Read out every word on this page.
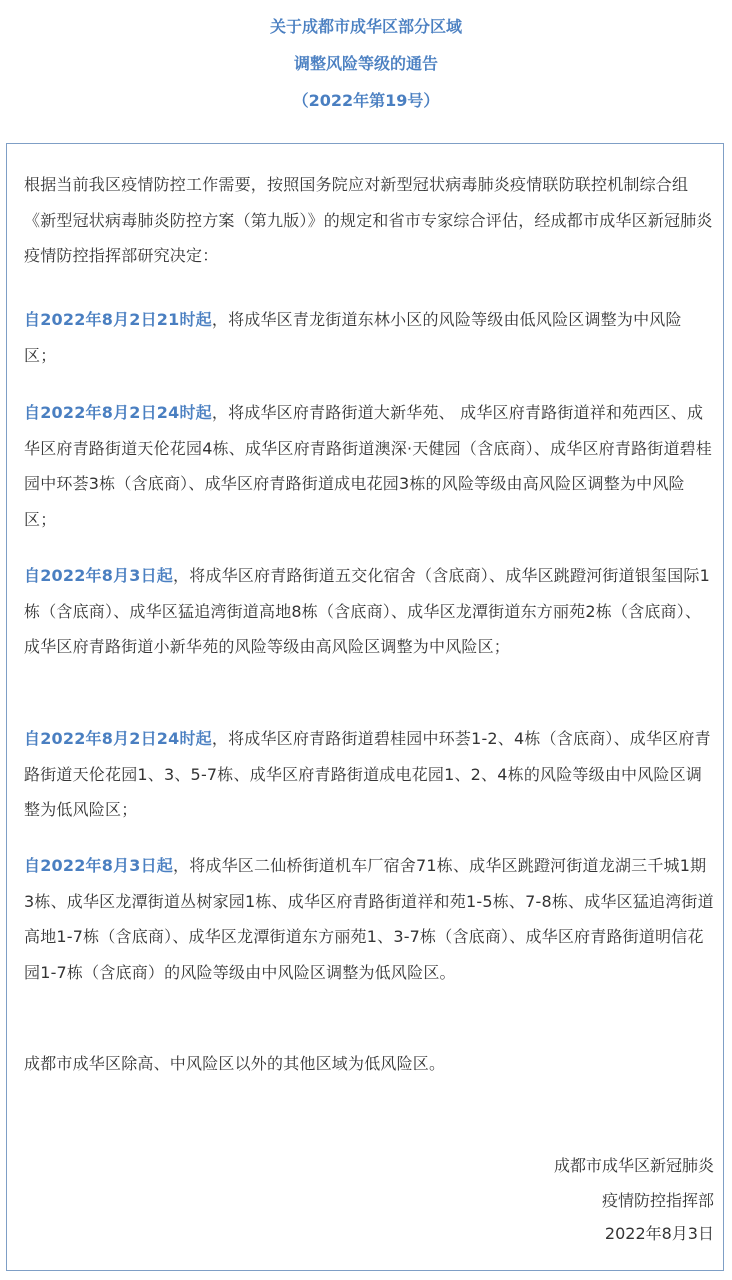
关于成都市成华区部分区域
调整风险等级的通告
（2022年第19号）
根据当前我区疫情防控工作需要，按照国务院应对新型冠状病毒肺炎疫情联防联控机制综合组《新型冠状病毒肺炎防控方案（第九版）》的规定和省市专家综合评估，经成都市成华区新冠肺炎疫情防控指挥部研究决定：
自2022年8月2日21时起，将成华区青龙街道东林小区的风险等级由低风险区调整为中风险区；
自2022年8月2日24时起，将成华区府青路街道大新华苑、 成华区府青路街道祥和苑西区、成华区府青路街道天伦花园4栋、成华区府青路街道澳深·天健园（含底商）、成华区府青路街道碧桂园中环荟3栋（含底商）、成华区府青路街道成电花园3栋的风险等级由高风险区调整为中风险区；
自2022年8月3日起，将成华区府青路街道五交化宿舍（含底商）、成华区跳蹬河街道银玺国际1栋（含底商）、成华区猛追湾街道高地8栋（含底商）、成华区龙潭街道东方丽苑2栋（含底商）、成华区府青路街道小新华苑的风险等级由高风险区调整为中风险区；
自2022年8月2日24时起，将成华区府青路街道碧桂园中环荟1-2、4栋（含底商）、成华区府青路街道天伦花园1、3、5-7栋、成华区府青路街道成电花园1、2、4栋的风险等级由中风险区调整为低风险区；
自2022年8月3日起，将成华区二仙桥街道机车厂宿舍71栋、成华区跳蹬河街道龙湖三千城1期3栋、成华区龙潭街道丛树家园1栋、成华区府青路街道祥和苑1-5栋、7-8栋、成华区猛追湾街道高地1-7栋（含底商）、成华区龙潭街道东方丽苑1、3-7栋（含底商）、成华区府青路街道明信花园1-7栋（含底商）的风险等级由中风险区调整为低风险区。
成都市成华区除高、中风险区以外的其他区域为低风险区。
成都市成华区新冠肺炎
疫情防控指挥部
2022年8月3日
